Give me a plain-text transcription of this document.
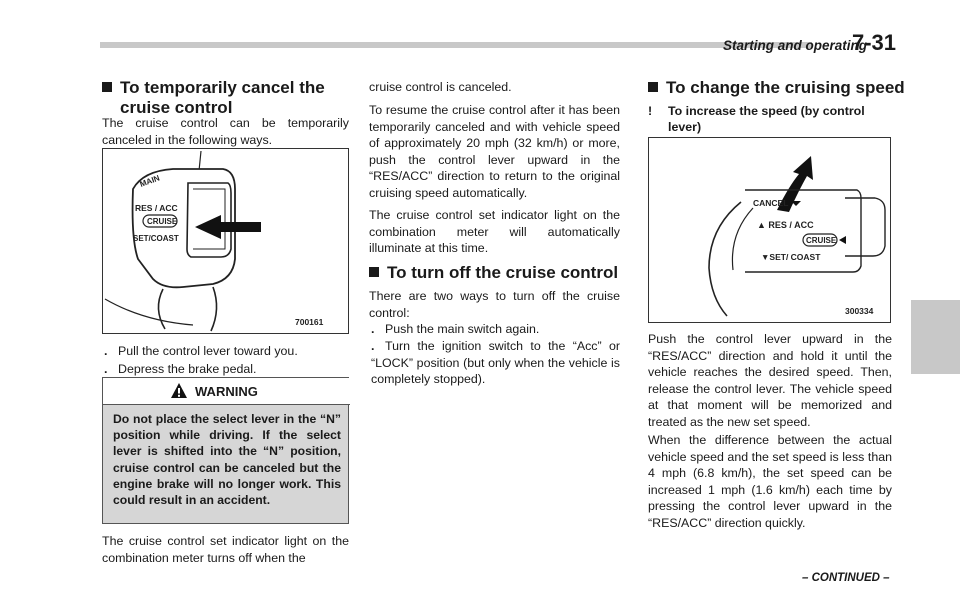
Starting and operating
7-31
To temporarily cancel the
cruise control
The cruise control can be temporarily canceled in the following ways.
MAIN
RES / ACC
CRUISE
SET/COAST
700161
. Pull the control lever toward you.
. Depress the brake pedal.
WARNING
Do not place the select lever in the “N” position while driving. If the select lever is shifted into the “N” position, cruise control can be canceled but the engine brake will no longer work. This could result in an accident.
The cruise control set indicator light on the combination meter turns off when the
cruise control is canceled.
To resume the cruise control after it has been temporarily canceled and with vehicle speed of approximately 20 mph (32 km/h) or more, push the control lever upward in the “RES/ACC” direction to return to the original cruising speed automatically.
The cruise control set indicator light on the combination meter will automatically illuminate at this time.
To turn off the cruise control
There are two ways to turn off the cruise control:
. Push the main switch again.
. Turn the ignition switch to the “Acc” or “LOCK” position (but only when the vehicle is completely stopped).
To change the cruising speed
! To increase the speed (by control
lever)
CANCEL
▲ RES / ACC
CRUISE
▼SET/ COAST
300334
Push the control lever upward in the “RES/ACC” direction and hold it until the vehicle reaches the desired speed. Then, release the control lever. The vehicle speed at that moment will be memorized and treated as the new set speed.
When the difference between the actual vehicle speed and the set speed is less than 4 mph (6.8 km/h), the set speed can be increased 1 mph (1.6 km/h) each time by pressing the control lever upward in the “RES/ACC” direction quickly.
– CONTINUED –
